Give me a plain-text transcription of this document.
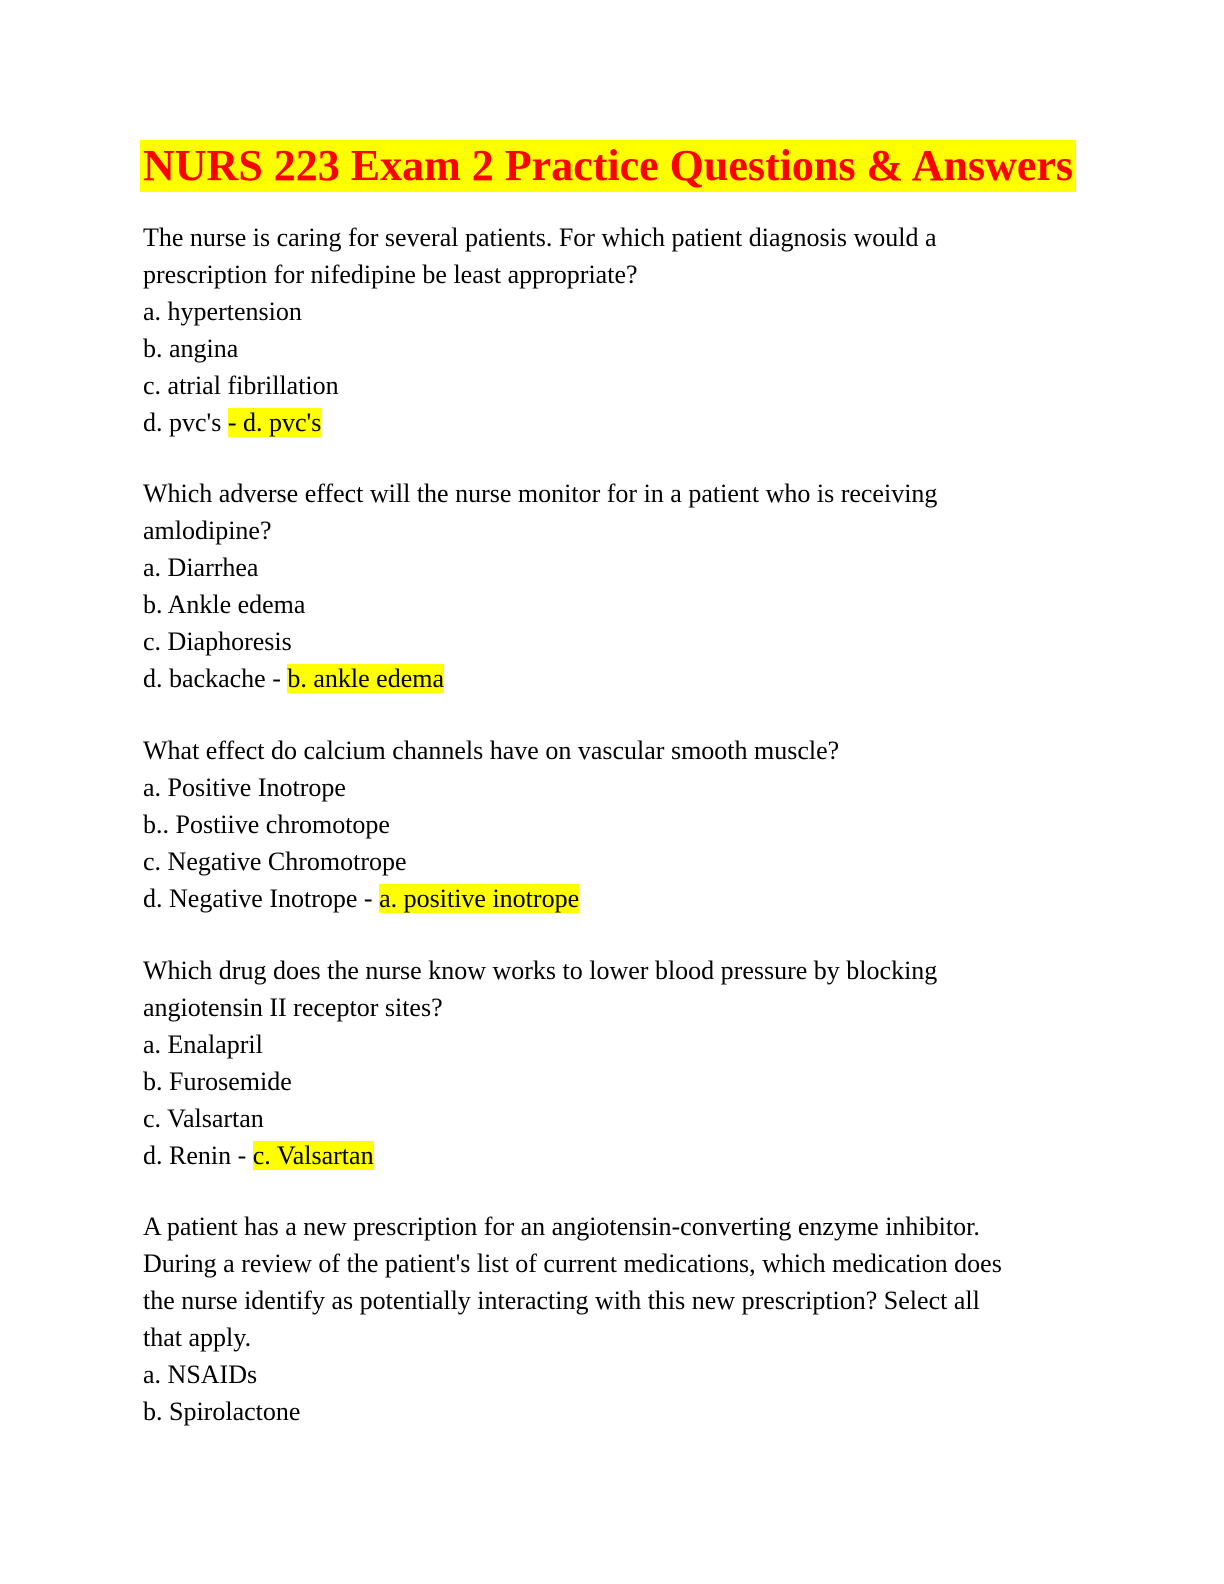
NURS 223 Exam 2 Practice Questions & Answers
The nurse is caring for several patients. For which patient diagnosis would a
prescription for nifedipine be least appropriate?
a. hypertension
b. angina
c. atrial fibrillation
d. pvc's - d. pvc's
Which adverse effect will the nurse monitor for in a patient who is receiving
amlodipine?
a. Diarrhea
b. Ankle edema
c. Diaphoresis
d. backache - b. ankle edema
What effect do calcium channels have on vascular smooth muscle?
a. Positive Inotrope
b.. Postiive chromotope
c. Negative Chromotrope
d. Negative Inotrope - a. positive inotrope
Which drug does the nurse know works to lower blood pressure by blocking
angiotensin II receptor sites?
a. Enalapril
b. Furosemide
c. Valsartan
d. Renin - c. Valsartan
A patient has a new prescription for an angiotensin-converting enzyme inhibitor.
During a review of the patient's list of current medications, which medication does
the nurse identify as potentially interacting with this new prescription? Select all
that apply.
a. NSAIDs
b. Spirolactone
